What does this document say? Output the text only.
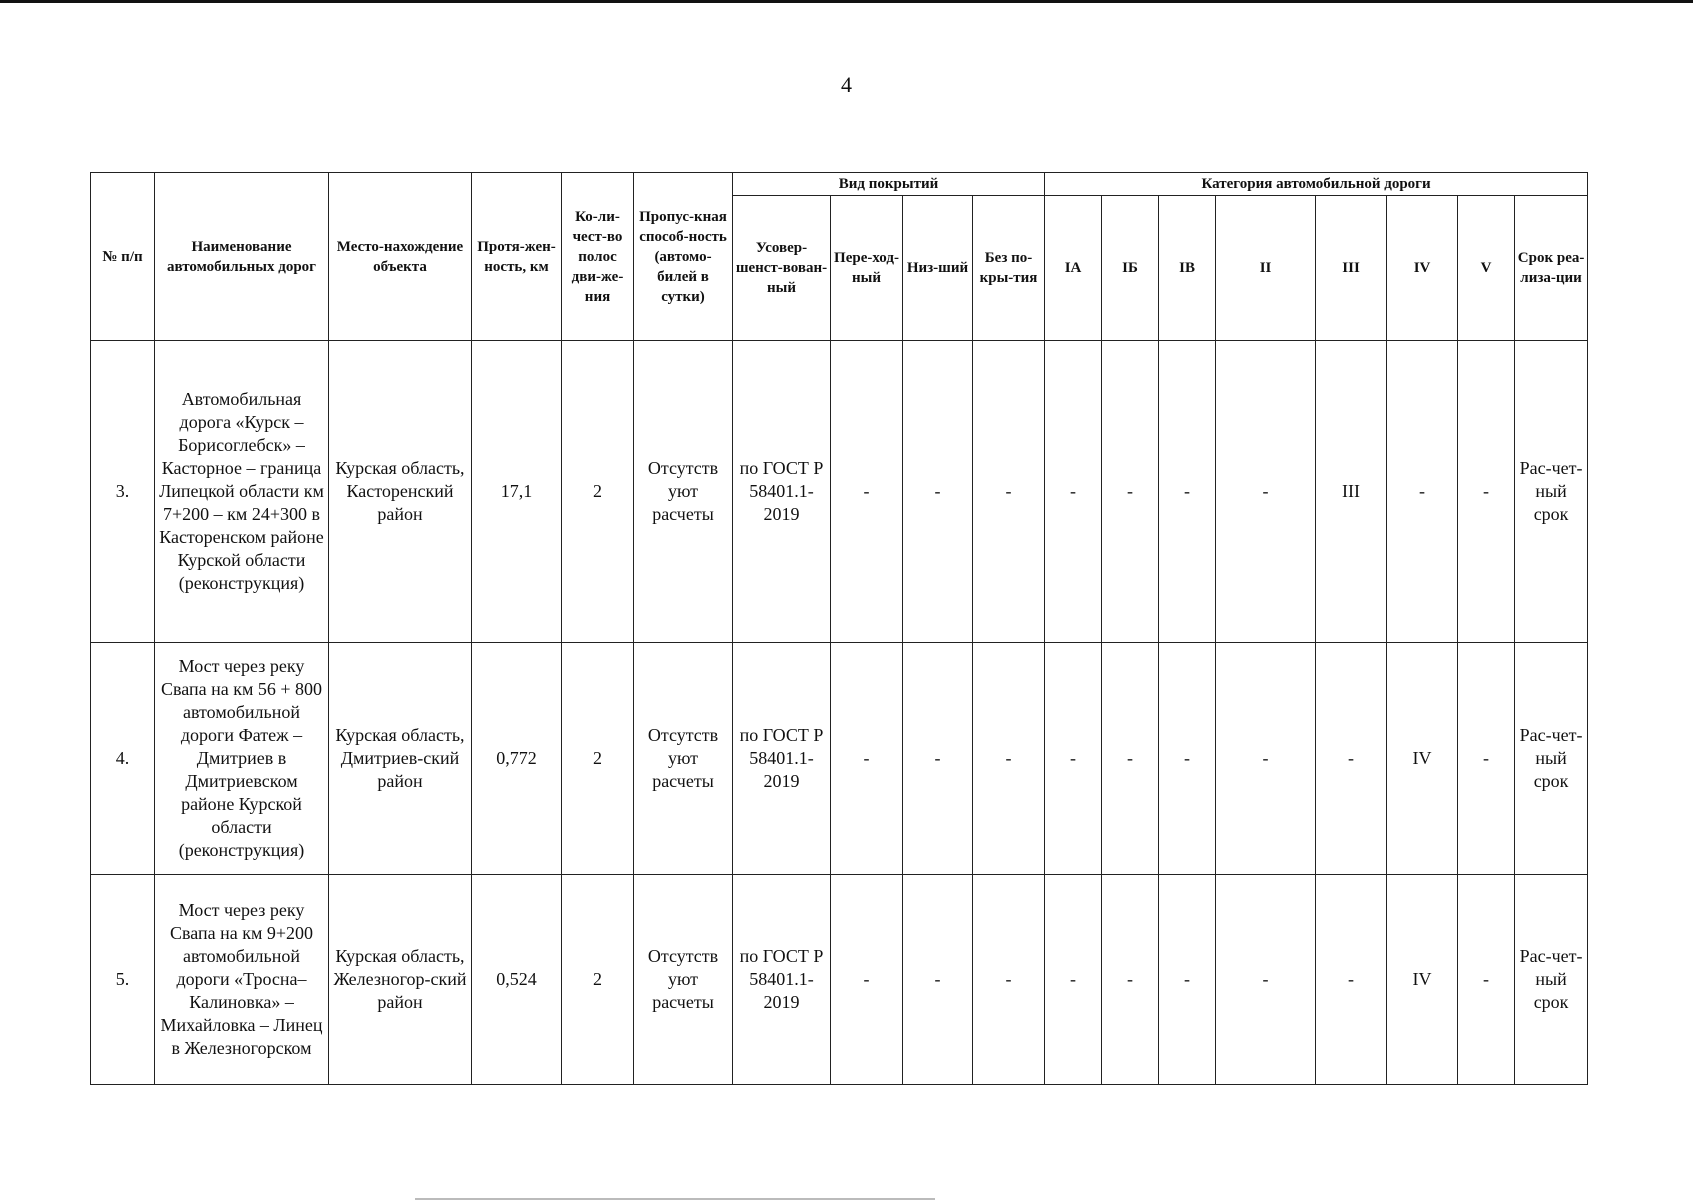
4
№ п/п	Наименование автомобильных дорог	Место-нахождение объекта	Протя-жен-ность, км	Ко-ли-чест-во полос дви-же-ния	Пропус-кная способ-ность (автомо-билей в сутки)	Вид покрытий				Категория автомобильной дороги							
						Усовер-шенст-вован-ный	Пере-ход-ный	Низ-ший	Без по-кры-тия	IA	IБ	IB	II	III	IV	V	Срок реа-лиза-ции
3.	Автомобильная дорога «Курск – Борисоглебск» – Касторное – граница Липецкой области км 7+200 – км 24+300 в Касторенском районе Курской области (реконструкция)	Курская область, Касторенский район	17,1	2	Отсутств уют расчеты	по ГОСТ Р 58401.1-2019	-	-	-	-	-	-	-	III	-	-	Рас-чет-ный срок
4.	Мост через реку Свапа на км 56 + 800 автомобильной дороги Фатеж – Дмитриев в Дмитриевском районе Курской области (реконструкция)	Курская область, Дмитриев-ский район	0,772	2	Отсутств уют расчеты	по ГОСТ Р 58401.1-2019	-	-	-	-	-	-	-	-	IV	-	Рас-чет-ный срок
5.	Мост через реку Свапа на км 9+200 автомобильной дороги «Тросна– Калиновка» – Михайловка – Линец в Железногорском	Курская область, Железногор-ский район	0,524	2	Отсутств уют расчеты	по ГОСТ Р 58401.1-2019	-	-	-	-	-	-	-	-	IV	-	Рас-чет-ный срок
